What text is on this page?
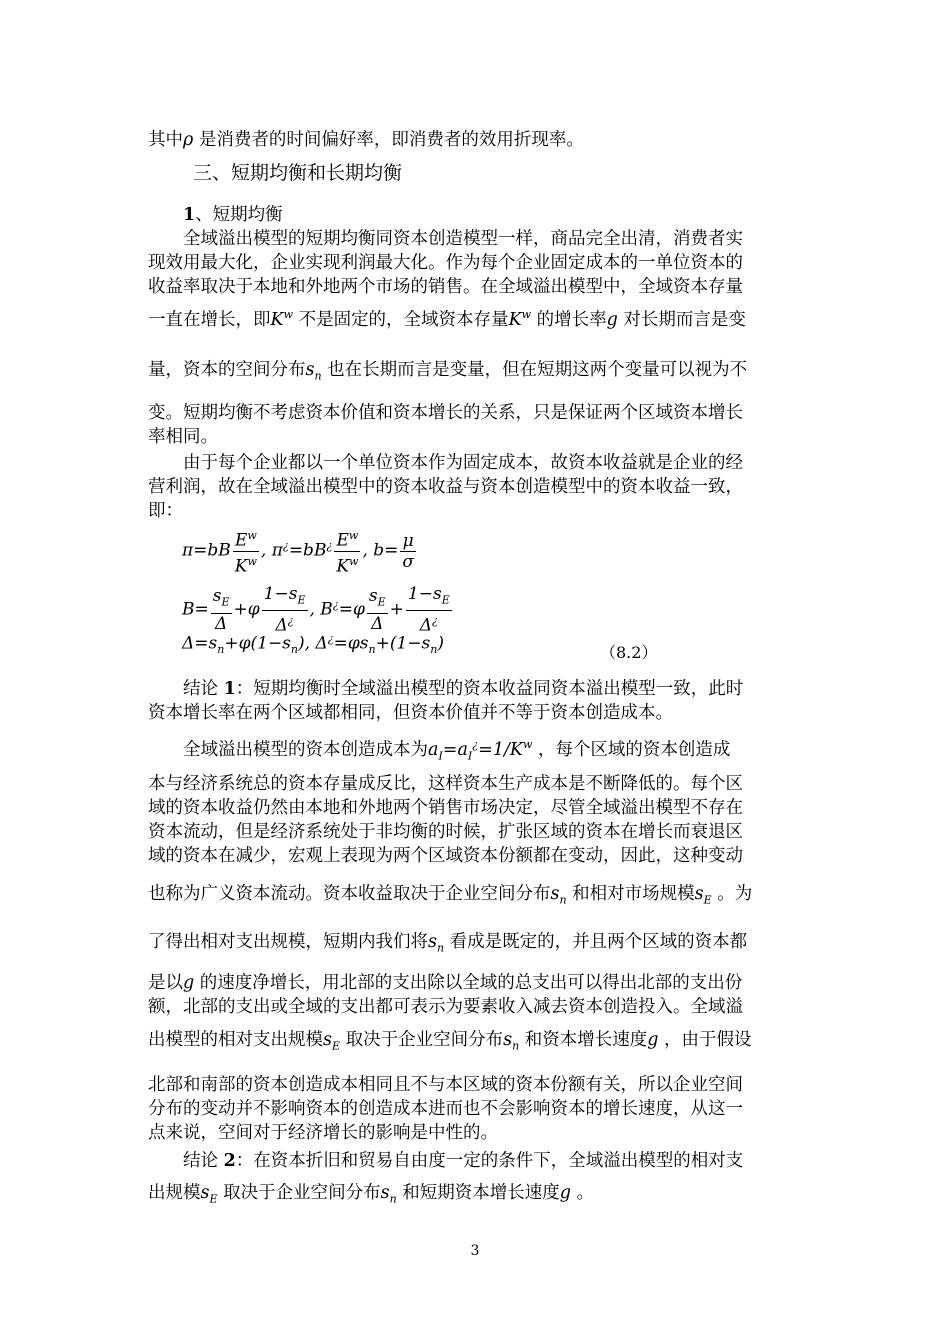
其中ρ 是消费者的时间偏好率，即消费者的效用折现率。
三、短期均衡和长期均衡
1、短期均衡
全域溢出模型的短期均衡同资本创造模型一样，商品完全出清，消费者实
现效用最大化，企业实现利润最大化。作为每个企业固定成本的一单位资本的
收益率取决于本地和外地两个市场的销售。在全域溢出模型中，全域资本存量
一直在增长，即$K^w$ 不是固定的，全域资本存量$K^w$ 的增长率g 对长期而言是变
量，资本的空间分布$s_n$ 也在长期而言是变量，但在短期这两个变量可以视为不
变。短期均衡不考虑资本价值和资本增长的关系，只是保证两个区域资本增长
率相同。
由于每个企业都以一个单位资本作为固定成本，故资本收益就是企业的经
营利润，故在全域溢出模型中的资本收益与资本创造模型中的资本收益一致，
即：
$\pi=bB \frac{E^w}{K^w}$ , $\pi^¿=bB^¿ \frac{E^w}{K^w}$ , $b= \frac{\mu}{\sigma}$
$B= \frac{s_E}{\Delta} +\varphi \frac{1-s_E}{\Delta^¿}$ , $B^¿=\varphi \frac{s_E}{\Delta} + \frac{1-s_E}{\Delta^¿}$
$\Delta=s_n+\varphi(1-s_n)$, $\Delta^¿=\varphi s_n+(1-s_n)$	（8.2）
结论 1：短期均衡时全域溢出模型的资本收益同资本溢出模型一致，此时
资本增长率在两个区域都相同，但资本价值并不等于资本创造成本。
全域溢出模型的资本创造成本为$a_I=a_I^¿=1/K^w$ ，每个区域的资本创造成
本与经济系统总的资本存量成反比，这样资本生产成本是不断降低的。每个区
域的资本收益仍然由本地和外地两个销售市场决定，尽管全域溢出模型不存在
资本流动，但是经济系统处于非均衡的时候，扩张区域的资本在增长而衰退区
域的资本在减少，宏观上表现为两个区域资本份额都在变动，因此，这种变动
也称为广义资本流动。资本收益取决于企业空间分布$s_n$ 和相对市场规模$s_E$ 。为
了得出相对支出规模，短期内我们将$s_n$ 看成是既定的，并且两个区域的资本都
是以g 的速度净增长，用北部的支出除以全域的总支出可以得出北部的支出份
额，北部的支出或全域的支出都可表示为要素收入减去资本创造投入。全域溢
出模型的相对支出规模$s_E$ 取决于企业空间分布$s_n$ 和资本增长速度g ，由于假设
北部和南部的资本创造成本相同且不与本区域的资本份额有关，所以企业空间
分布的变动并不影响资本的创造成本进而也不会影响资本的增长速度，从这一
点来说，空间对于经济增长的影响是中性的。
结论 2：在资本折旧和贸易自由度一定的条件下，全域溢出模型的相对支
出规模$s_E$ 取决于企业空间分布$s_n$ 和短期资本增长速度g 。
3
